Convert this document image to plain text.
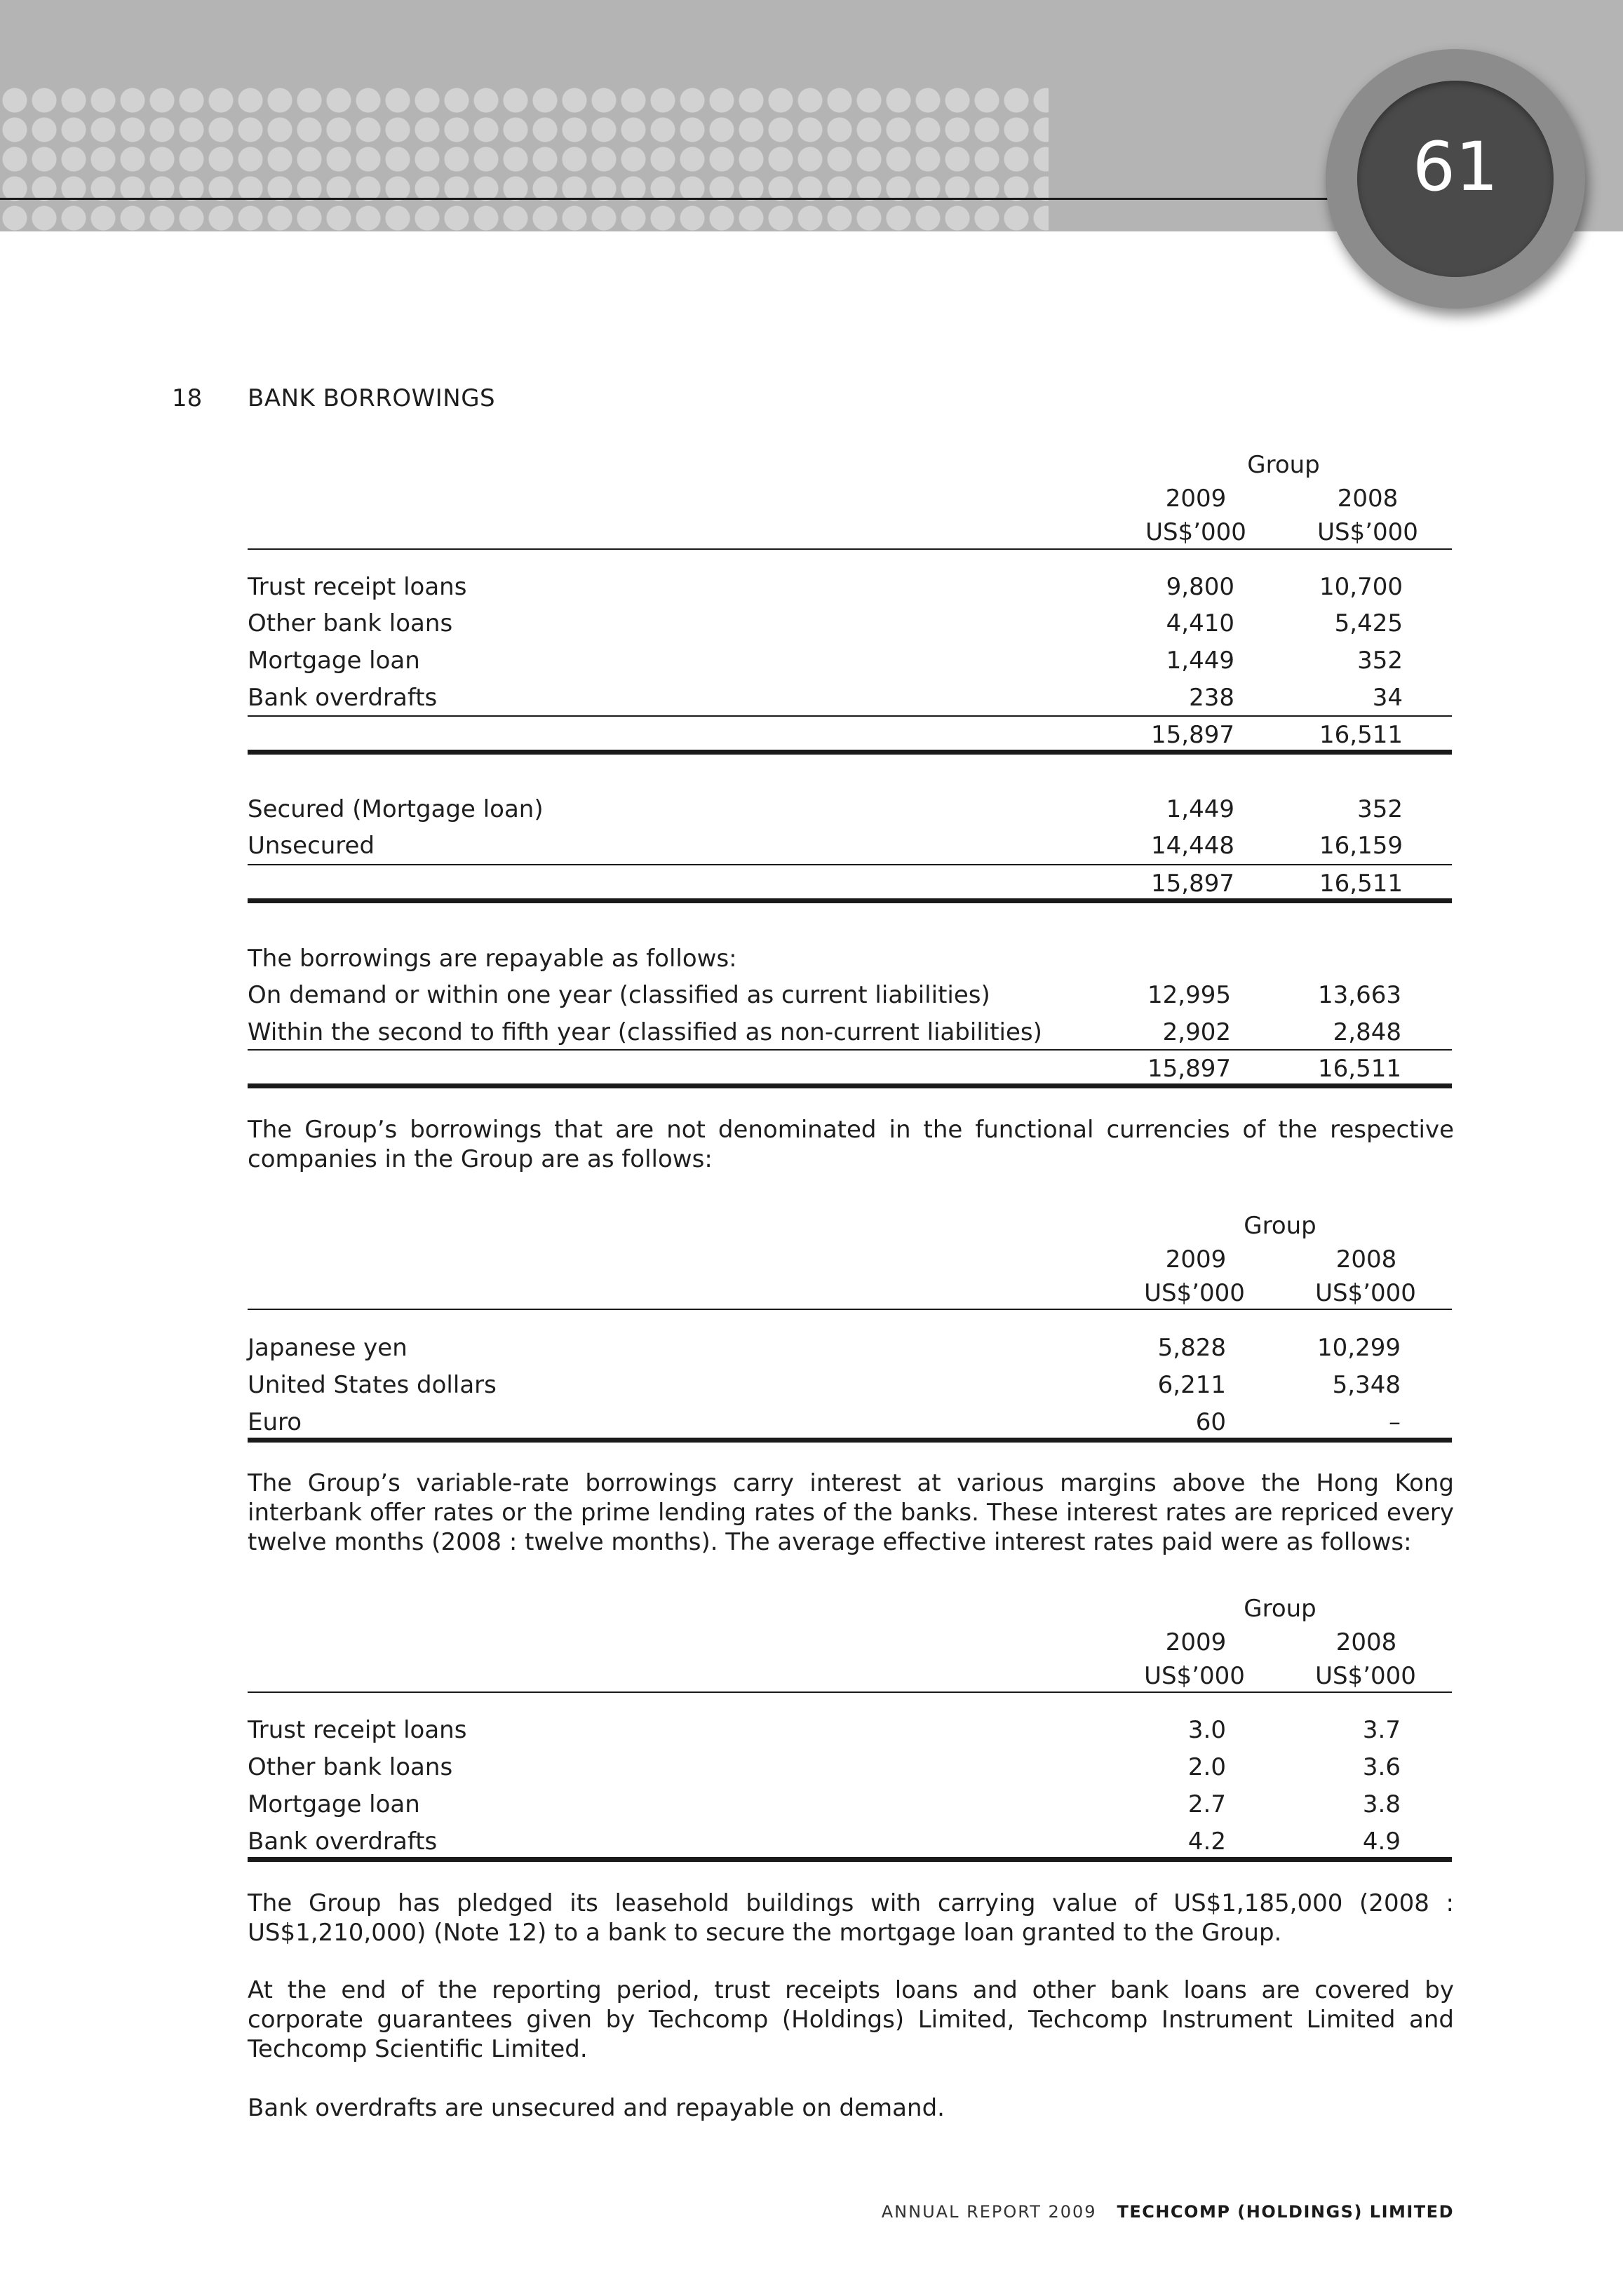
61
18 BANK BORROWINGS
Group
2009	2008
US$’000	US$’000
Trust receipt loans	9,800	10,700
Other bank loans	4,410	5,425
Mortgage loan	1,449	352
Bank overdrafts	238	34
15,897	16,511
Secured (Mortgage loan)	1,449	352
Unsecured	14,448	16,159
15,897	16,511
The borrowings are repayable as follows:
On demand or within one year (classified as current liabilities)	12,995	13,663
Within the second to fifth year (classified as non-current liabilities)	2,902	2,848
15,897	16,511

The Group’s borrowings that are not denominated in the functional currencies of the respective companies in the Group are as follows:

Group
2009	2008
US$’000	US$’000
Japanese yen	5,828	10,299
United States dollars	6,211	5,348
Euro	60	–

The Group’s variable-rate borrowings carry interest at various margins above the Hong Kong interbank offer rates or the prime lending rates of the banks. These interest rates are repriced every twelve months (2008 : twelve months). The average effective interest rates paid were as follows:

Group
2009	2008
US$’000	US$’000
Trust receipt loans	3.0	3.7
Other bank loans	2.0	3.6
Mortgage loan	2.7	3.8
Bank overdrafts	4.2	4.9

The Group has pledged its leasehold buildings with carrying value of US$1,185,000 (2008 : US$1,210,000) (Note 12) to a bank to secure the mortgage loan granted to the Group.

At the end of the reporting period, trust receipts loans and other bank loans are covered by corporate guarantees given by Techcomp (Holdings) Limited, Techcomp Instrument Limited and Techcomp Scientific Limited.

Bank overdrafts are unsecured and repayable on demand.

ANNUAL REPORT 2009 TECHCOMP (HOLDINGS) LIMITED
